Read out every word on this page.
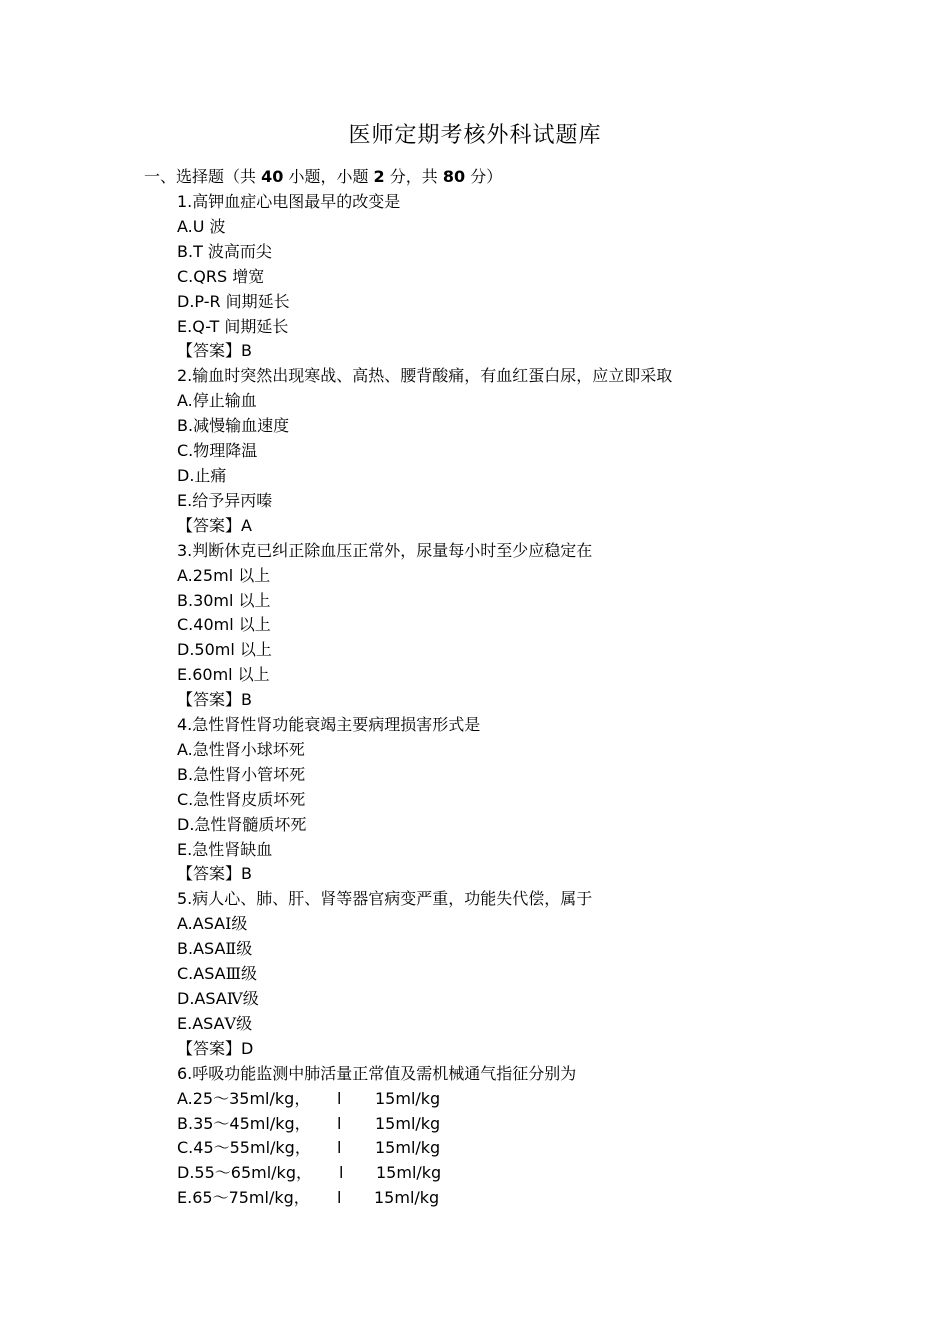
医师定期考核外科试题库
一、选择题（共 40 小题，小题 2 分，共 80 分）
1.高钾血症心电图最早的改变是
A.U 波
B.T 波高而尖
C.QRS 增宽
D.P-R 间期延长
E.Q-T 间期延长
【答案】B
2.输血时突然出现寒战、高热、腰背酸痛，有血红蛋白尿，应立即采取
A.停止输血
B.减慢输血速度
C.物理降温
D.止痛
E.给予异丙嗪
【答案】A
3.判断休克已纠正除血压正常外，尿量每小时至少应稳定在
A.25ml 以上
B.30ml 以上
C.40ml 以上
D.50ml 以上
E.60ml 以上
【答案】B
4.急性肾性肾功能衰竭主要病理损害形式是
A.急性肾小球坏死
B.急性肾小管坏死
C.急性肾皮质坏死
D.急性肾髓质坏死
E.急性肾缺血
【答案】B
5.病人心、肺、肝、肾等器官病变严重，功能失代偿，属于
A.ASAⅠ级
B.ASAⅡ级
C.ASAⅢ级
D.ASAⅣ级
E.ASAⅤ级
【答案】D
6.呼吸功能监测中肺活量正常值及需机械通气指征分别为
A.25～35ml/kg， l 15ml/kg
B.35～45ml/kg， l 15ml/kg
C.45～55ml/kg， l 15ml/kg
D.55～65ml/kg， l 15ml/kg
E.65～75ml/kg， l 15ml/kg
